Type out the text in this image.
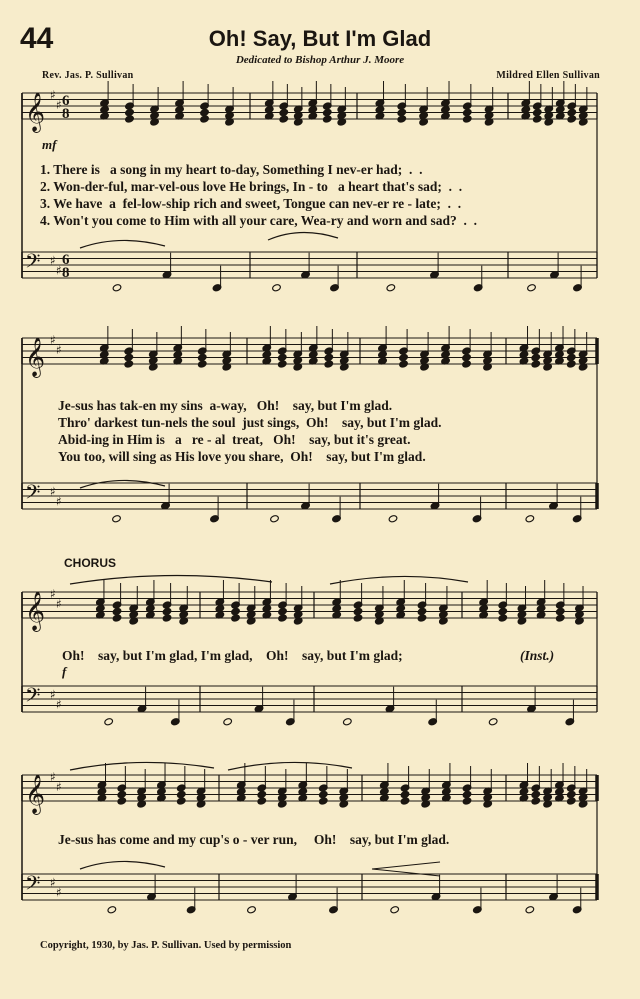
44	Oh! Say, But I'm Glad
Dedicated to Bishop Arthur J. Moore
Rev. Jas. P. Sullivan	Mildred Ellen Sullivan
𝄞 ♯
♯ 6
8
𝄢 ♯
♯
6
8
𝄞 ♯
♯
𝄢 ♯
♯
𝄞 ♯
♯
𝄢 ♯
♯
𝄞 ♯
♯
𝄢 ♯
♯
mf
f
1. There is   a song in my heart to-day, Something I nev-er had;  .  .
2. Won-der-ful, mar-vel-ous love He brings, In - to   a heart that's sad;  .  .
3. We have  a  fel-low-ship rich and sweet, Tongue can nev-er re - late;  .  .
4. Won't you come to Him with all your care, Wea-ry and worn and sad?  .  .
Je-sus has tak-en my sins  a-way,   Oh!    say, but I'm glad.
Thro' darkest tun-nels the soul  just sings,  Oh!    say, but I'm glad.
Abid-ing in Him is   a   re - al  treat,   Oh!    say, but it's great.
You too, will sing as His love you share,  Oh!    say, but I'm glad.
CHORUS
Oh!    say, but I'm glad, I'm glad,    Oh!    say, but I'm glad;	(Inst.)
Je-sus has come and my cup's o - ver run,     Oh!    say, but I'm glad.
Copyright, 1930, by Jas. P. Sullivan. Used by permission
